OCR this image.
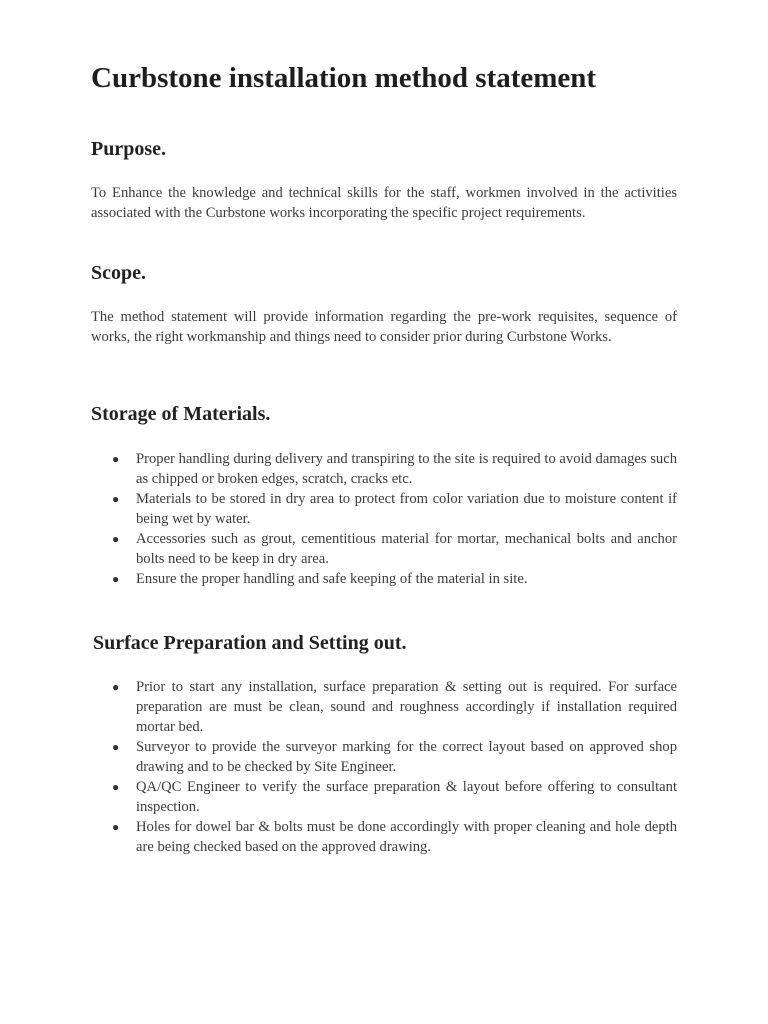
Curbstone installation method statement
Purpose.

To Enhance the knowledge and technical skills for the staff, workmen involved in the activities associated with the Curbstone works incorporating the specific project requirements.

Scope.

The method statement will provide information regarding the pre-work requisites, sequence of works, the right workmanship and things need to consider prior during Curbstone Works.

Storage of Materials.
● Proper handling during delivery and transpiring to the site is required to avoid damages such as chipped or broken edges, scratch, cracks etc.
● Materials to be stored in dry area to protect from color variation due to moisture content if being wet by water.
● Accessories such as grout, cementitious material for mortar, mechanical bolts and anchor bolts need to be keep in dry area.
● Ensure the proper handling and safe keeping of the material in site.
Surface Preparation and Setting out.
● Prior to start any installation, surface preparation & setting out is required. For surface preparation are must be clean, sound and roughness accordingly if installation required mortar bed.
● Surveyor to provide the surveyor marking for the correct layout based on approved shop drawing and to be checked by Site Engineer.
● QA/QC Engineer to verify the surface preparation & layout before offering to consultant inspection.
● Holes for dowel bar & bolts must be done accordingly with proper cleaning and hole depth are being checked based on the approved drawing.
